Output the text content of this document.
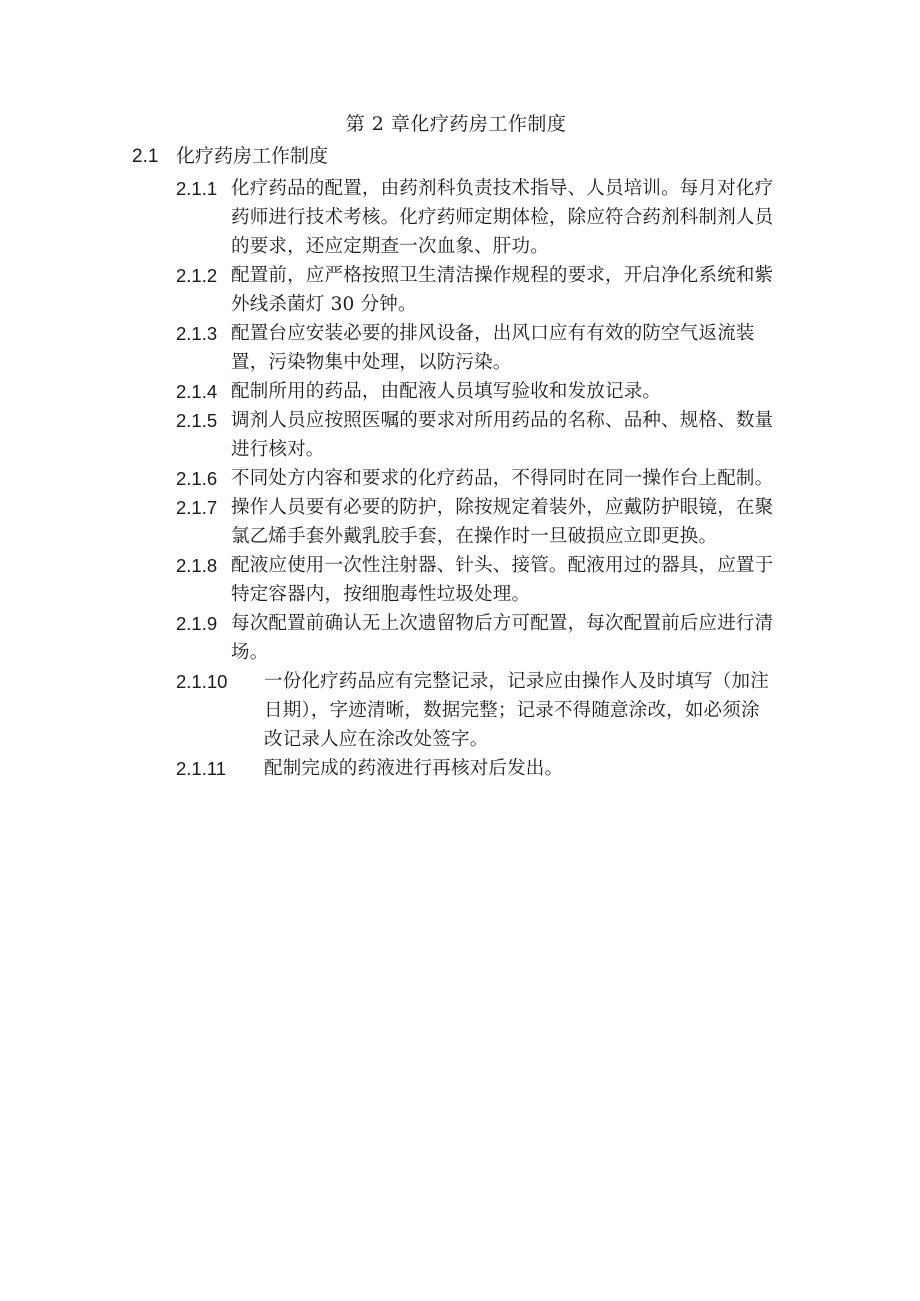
第 2 章化疗药房工作制度
2.1 化疗药房工作制度
2.1.1 化疗药品的配置，由药剂科负责技术指导、人员培训。每月对化疗药师进行技术考核。化疗药师定期体检，除应符合药剂科制剂人员的要求，还应定期查一次血象、肝功。
2.1.2 配置前，应严格按照卫生清洁操作规程的要求，开启净化系统和紫外线杀菌灯 30 分钟。
2.1.3 配置台应安装必要的排风设备，出风口应有有效的防空气返流装置，污染物集中处理，以防污染。
2.1.4 配制所用的药品，由配液人员填写验收和发放记录。
2.1.5 调剂人员应按照医嘱的要求对所用药品的名称、品种、规格、数量进行核对。
2.1.6 不同处方内容和要求的化疗药品，不得同时在同一操作台上配制。
2.1.7 操作人员要有必要的防护，除按规定着装外，应戴防护眼镜，在聚氯乙烯手套外戴乳胶手套，在操作时一旦破损应立即更换。
2.1.8 配液应使用一次性注射器、针头、接管。配液用过的器具，应置于特定容器内，按细胞毒性垃圾处理。
2.1.9 每次配置前确认无上次遗留物后方可配置，每次配置前后应进行清场。
2.1.10	一份化疗药品应有完整记录，记录应由操作人及时填写（加注日期），字迹清晰，数据完整；记录不得随意涂改，如必须涂改记录人应在涂改处签字。
2.1.11	配制完成的药液进行再核对后发出。
